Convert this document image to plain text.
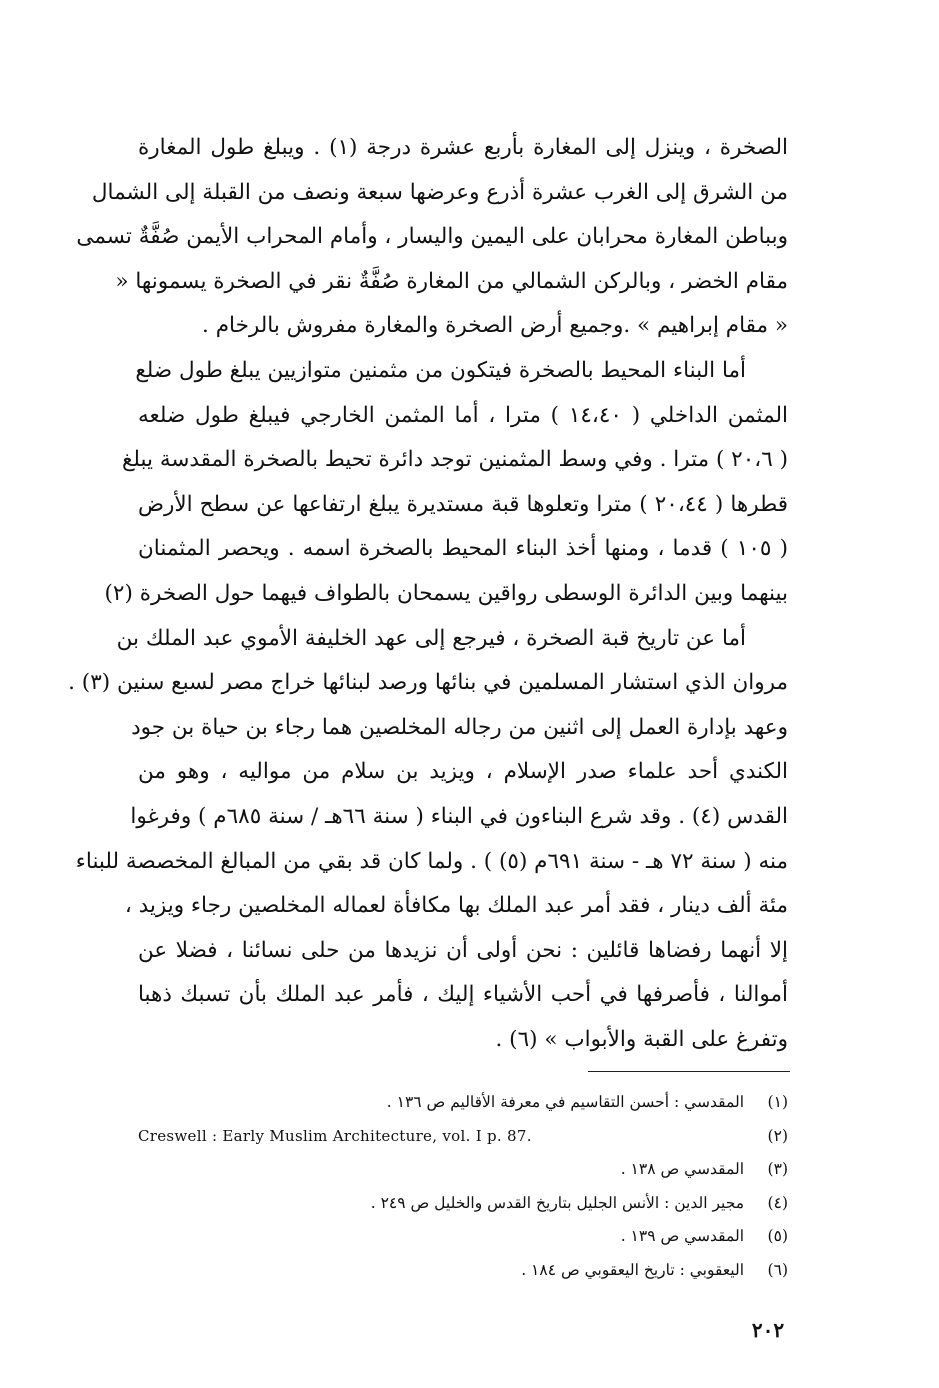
الصخرة ، وينزل إلى المغارة بأربع عشرة درجة (١) . ويبلغ طول المغارة
من الشرق إلى الغرب عشرة أذرع وعرضها سبعة ونصف من القبلة إلى الشمال
وبباطن المغارة محرابان على اليمين واليسار ، وأمام المحراب الأيمن صُفَّةٌ تسمى
مقام الخضر ، وبالركن الشمالي من المغارة صُفَّةٌ نقر في الصخرة يسمونها «
« مقام إبراهيم » .وجميع أرض الصخرة والمغارة مفروش بالرخام .
أما البناء المحيط بالصخرة فيتكون من مثمنين متوازيين يبلغ طول ضلع
المثمن الداخلي ( ١٤،٤٠ ) مترا ، أما المثمن الخارجي فيبلغ طول ضلعه
( ٢٠،٦ ) مترا . وفي وسط المثمنين توجد دائرة تحيط بالصخرة المقدسة يبلغ
قطرها ( ٢٠،٤٤ ) مترا وتعلوها قبة مستديرة يبلغ ارتفاعها عن سطح الأرض
( ١٠٥ ) قدما ، ومنها أخذ البناء المحيط بالصخرة اسمه . ويحصر المثمنان
بينهما وبين الدائرة الوسطى رواقين يسمحان بالطواف فيهما حول الصخرة (٢)
أما عن تاريخ قبة الصخرة ، فيرجع إلى عهد الخليفة الأموي عبد الملك بن
مروان الذي استشار المسلمين في بنائها ورصد لبنائها خراج مصر لسبع سنين (٣) .
وعهد بإدارة العمل إلى اثنين من رجاله المخلصين هما رجاء بن حياة بن جود
الكندي أحد علماء صدر الإسلام ، ويزيد بن سلام من مواليه ، وهو من
القدس (٤) . وقد شرع البناءون في البناء ( سنة ٦٦هـ / سنة ٦٨٥م ) وفرغوا
منه ( سنة ٧٢ هـ - سنة ٦٩١م (٥) ) . ولما كان قد بقي من المبالغ المخصصة للبناء
مئة ألف دينار ، فقد أمر عبد الملك بها مكافأة لعماله المخلصين رجاء ويزيد ،
إلا أنهما رفضاها قائلين : نحن أولى أن نزيدها من حلى نسائنا ، فضلا عن
أموالنا ، فأصرفها في أحب الأشياء إليك ، فأمر عبد الملك بأن تسبك ذهبا
وتفرغ على القبة والأبواب » (٦) .
(١)
المقدسي : أحسن التقاسيم في معرفة الأقاليم ص ١٣٦ .
(٢)
Creswell : Early Muslim Architecture, vol. I p. 87.
(٣)
المقدسي ص ١٣٨ .
(٤)
مجير الدين : الأنس الجليل بتاريخ القدس والخليل ص ٢٤٩ .
(٥)
المقدسي ص ١٣٩ .
(٦)
اليعقوبي : تاريخ اليعقوبي ص ١٨٤ .
٢٠٢
